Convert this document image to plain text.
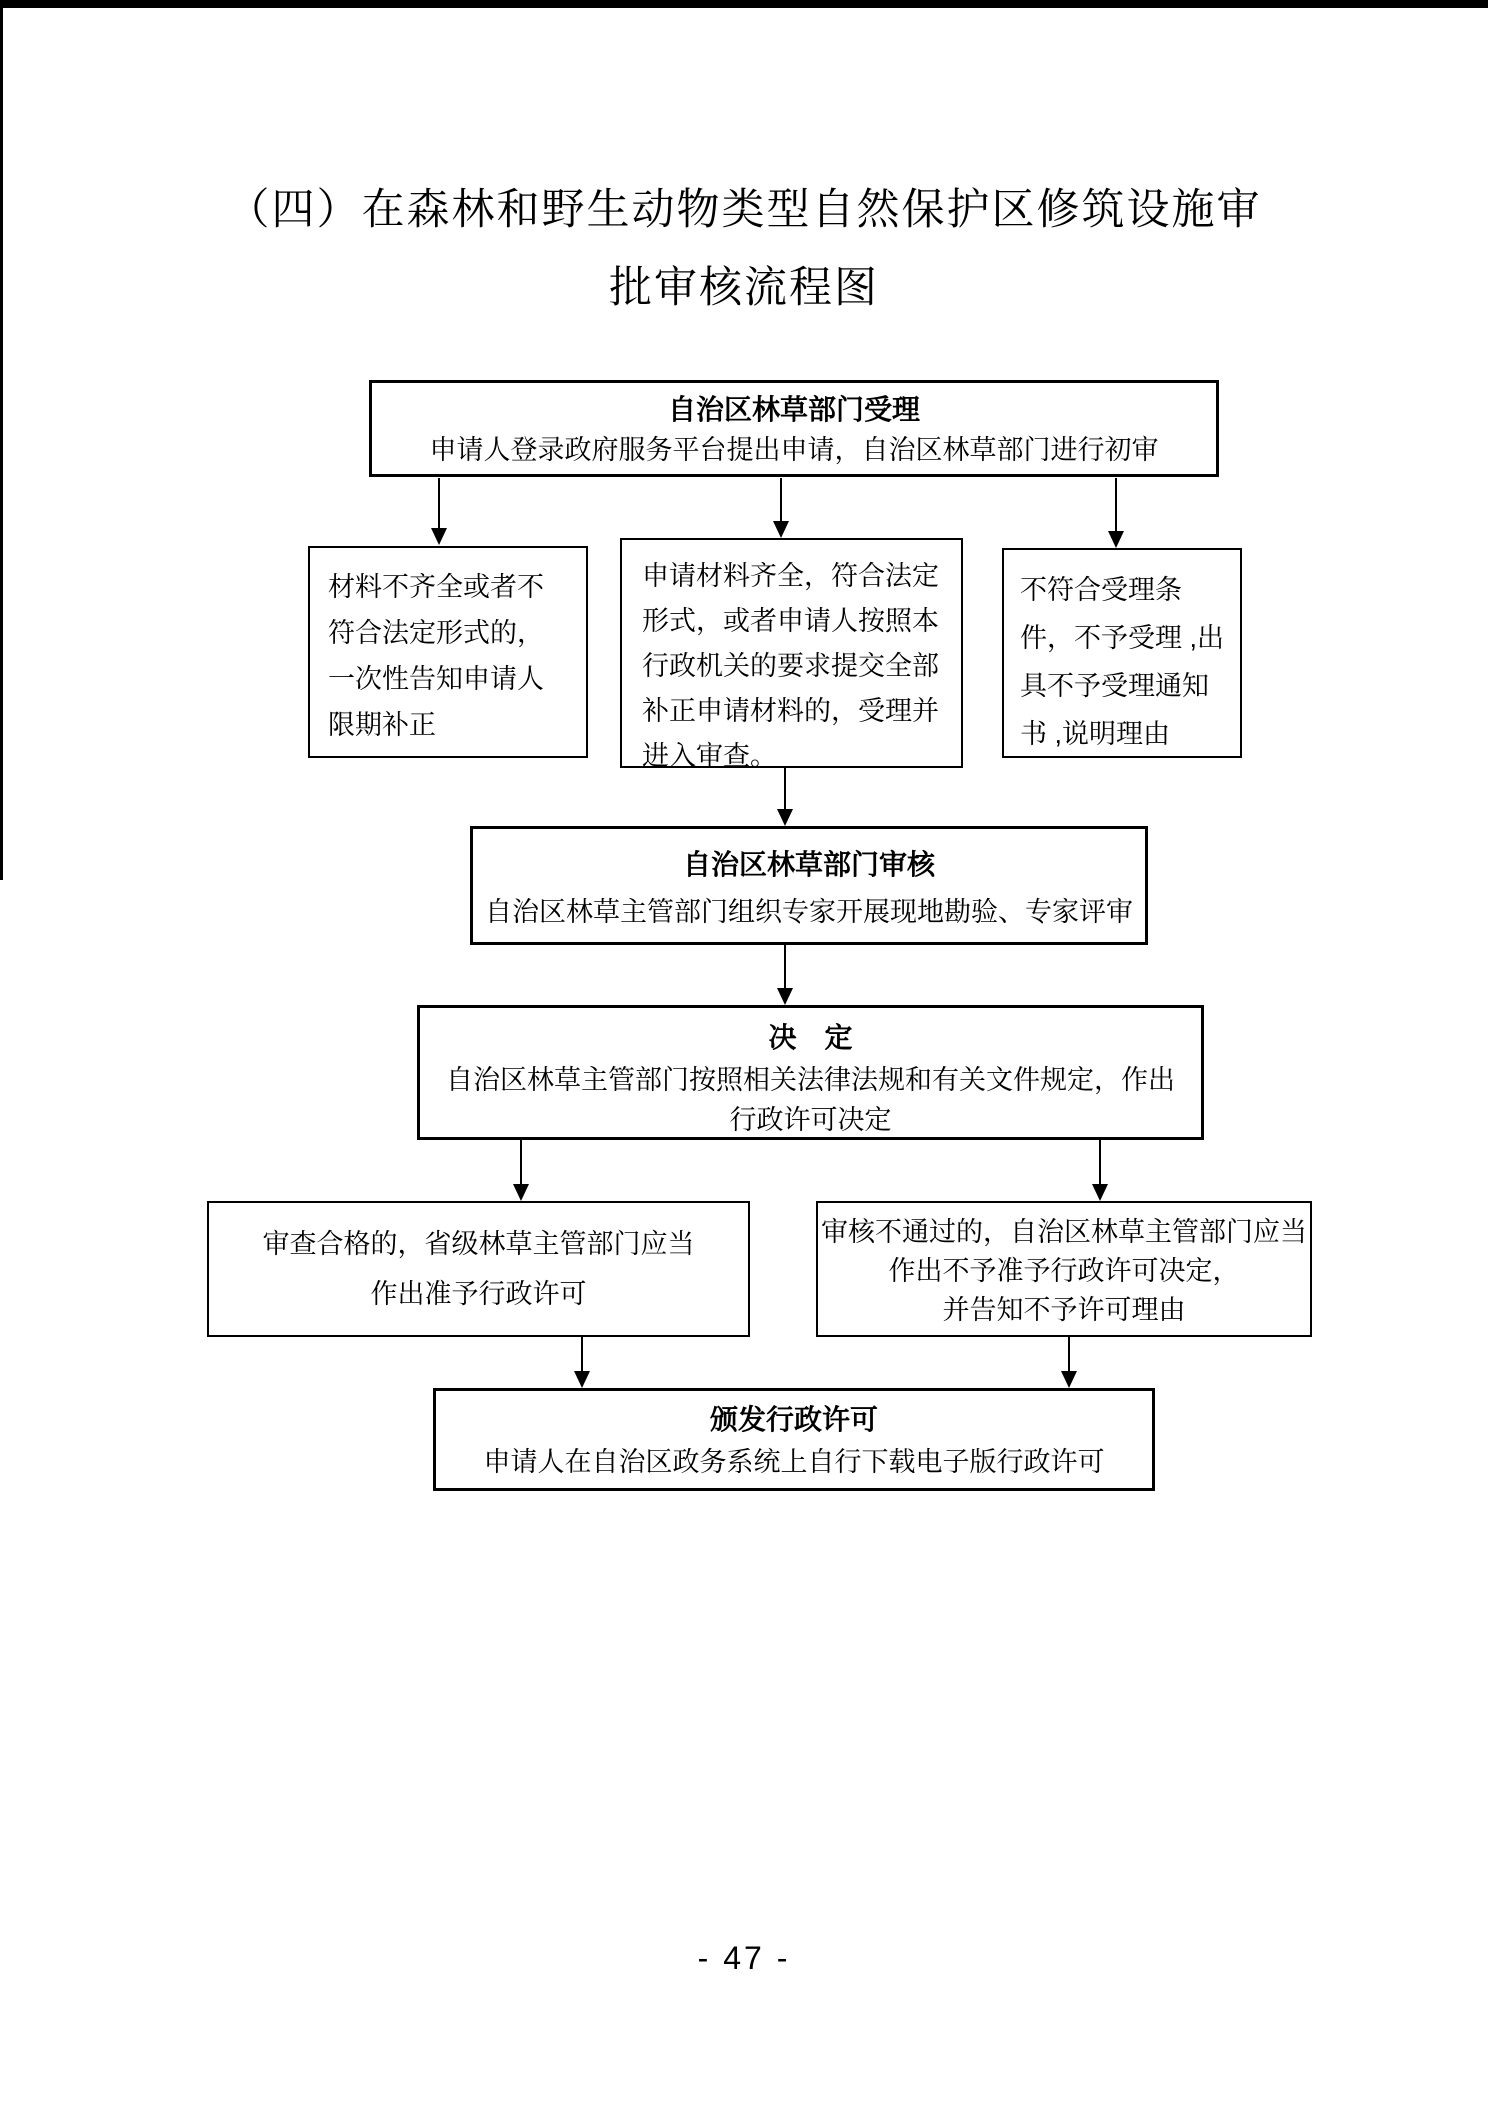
（四）在森林和野生动物类型自然保护区修筑设施审
批审核流程图
自治区林草部门受理
申请人登录政府服务平台提出申请，自治区林草部门进行初审
材料不齐全或者不符合法定形式的，一次性告知申请人限期补正
申请材料齐全，符合法定形式，或者申请人按照本行政机关的要求提交全部补正申请材料的，受理并进入审查。
不符合受理条件，不予受理 ,出具不予受理通知书 ,说明理由
自治区林草部门审核
自治区林草主管部门组织专家开展现地勘验、专家评审
决　定
自治区林草主管部门按照相关法律法规和有关文件规定，作出行政许可决定
审查合格的，省级林草主管部门应当
作出准予行政许可
审核不通过的，自治区林草主管部门应当
作出不予准予行政许可决定，
并告知不予许可理由
颁发行政许可
申请人在自治区政务系统上自行下载电子版行政许可
- 47 -
